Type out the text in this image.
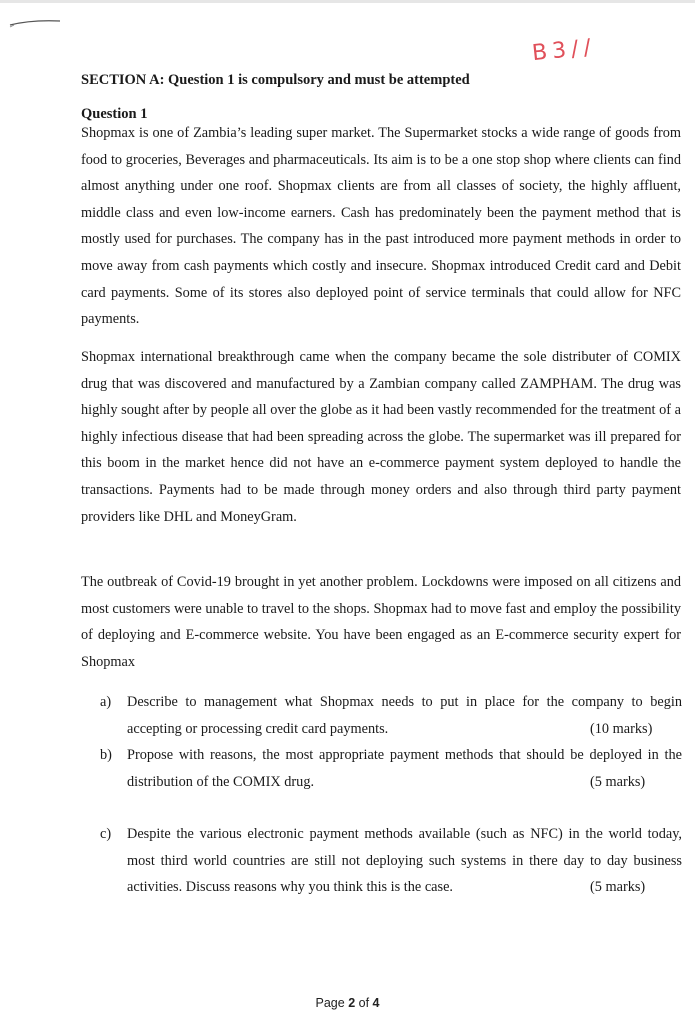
B3//
SECTION A: Question 1 is compulsory and must be attempted
Question 1

Shopmax is one of Zambia’s leading super market. The Supermarket stocks a wide range of goods from food to groceries, Beverages and pharmaceuticals. Its aim is to be a one stop shop where clients can find almost anything under one roof. Shopmax clients are from all classes of society, the highly affluent, middle class and even low-income earners. Cash has predominately been the payment method that is mostly used for purchases. The company has in the past introduced more payment methods in order to move away from cash payments which costly and insecure. Shopmax introduced Credit card and Debit card payments. Some of its stores also deployed point of service terminals that could allow for NFC payments.

Shopmax international breakthrough came when the company became the sole distributer of COMIX drug that was discovered and manufactured by a Zambian company called ZAMPHAM. The drug was highly sought after by people all over the globe as it had been vastly recommended for the treatment of a highly infectious disease that had been spreading across the globe. The supermarket was ill prepared for this boom in the market hence did not have an e-commerce payment system deployed to handle the transactions. Payments had to be made through money orders and also through third party payment providers like DHL and MoneyGram.

The outbreak of Covid-19 brought in yet another problem. Lockdowns were imposed on all citizens and most customers were unable to travel to the shops. Shopmax had to move fast and employ the possibility of deploying and E-commerce website. You have been engaged as an E-commerce security expert for Shopmax

a) Describe to management what Shopmax needs to put in place for the company to begin accepting or processing credit card payments.	(10 marks)
b) Propose with reasons, the most appropriate payment methods that should be deployed in the distribution of the COMIX drug.	(5 marks)
c) Despite the various electronic payment methods available (such as NFC) in the world today, most third world countries are still not deploying such systems in there day to day business activities. Discuss reasons why you think this is the case.	(5 marks)
Page 2 of 4
